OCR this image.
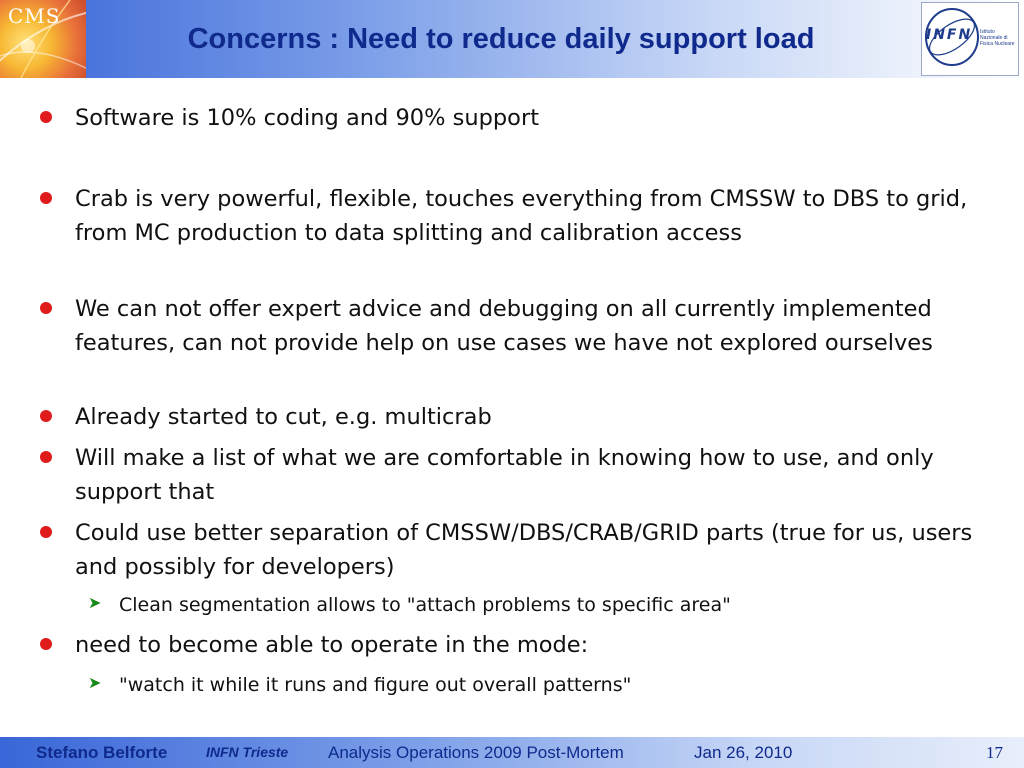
CMS
Concerns : Need to reduce daily support load	INFN Istituto Nazionale di Fisica Nucleare
Software is 10% coding and 90% support
Crab is very powerful, flexible, touches everything from CMSSW to DBS to grid, from MC production to data splitting and calibration access
We can not offer expert advice and debugging on all currently implemented features, can not provide help on use cases we have not explored ourselves
Already started to cut, e.g. multicrab
Will make a list of what we are comfortable in knowing how to use, and only support that
Could use better separation of CMSSW/DBS/CRAB/GRID parts (true for us, users and possibly for developers)
➤ Clean segmentation allows to "attach problems to specific area"
need to become able to operate in the mode:
➤ "watch it while it runs and figure out overall patterns"
Stefano Belforte	INFN Trieste Analysis Operations 2009 Post-Mortem	Jan 26, 2010	17
